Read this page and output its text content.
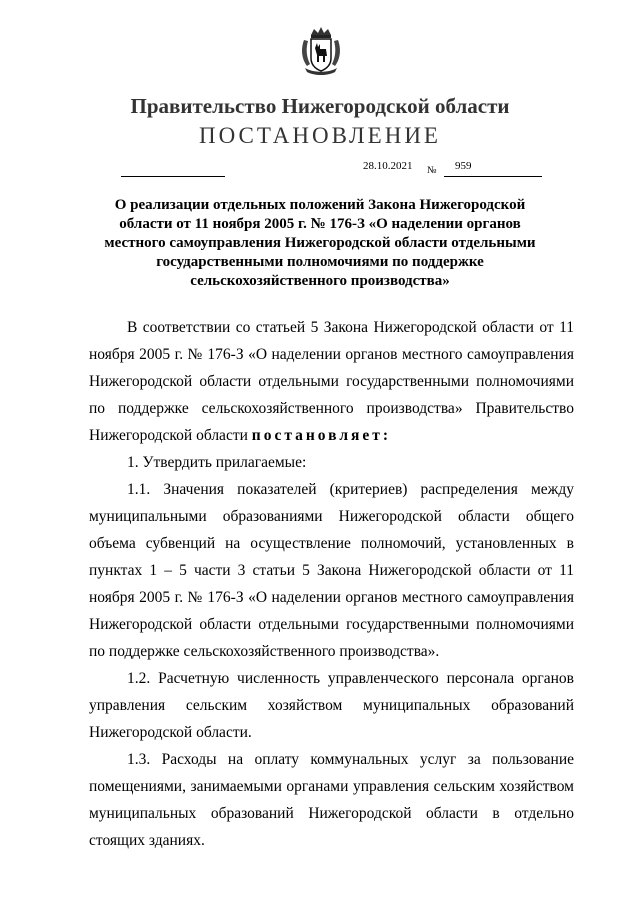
Правительство Нижегородской области
ПОСТАНОВЛЕНИЕ
28.10.2021 № 959
О реализации отдельных положений Закона Нижегородской области от 11 ноября 2005 г. № 176-З «О наделении органов местного самоуправления Нижегородской области отдельными государственными полномочиями по поддержке сельскохозяйственного производства»

В соответствии со статьей 5 Закона Нижегородской области от 11 ноября 2005 г. № 176-З «О наделении органов местного самоуправления Нижегородской области отдельными государственными полномочиями по поддержке сельскохозяйственного производства» Правительство Нижегородской области постановляет:

1. Утвердить прилагаемые:

1.1. Значения показателей (критериев) распределения между муниципальными образованиями Нижегородской области общего объема субвенций на осуществление полномочий, установленных в пунктах 1 – 5 части 3 статьи 5 Закона Нижегородской области от 11 ноября 2005 г. № 176-З «О наделении органов местного самоуправления Нижегородской области отдельными государственными полномочиями по поддержке сельскохозяйственного производства».

1.2. Расчетную численность управленческого персонала органов управления сельским хозяйством муниципальных образований Нижегородской области.

1.3. Расходы на оплату коммунальных услуг за пользование помещениями, занимаемыми органами управления сельским хозяйством муниципальных образований Нижегородской области в отдельно стоящих зданиях.
